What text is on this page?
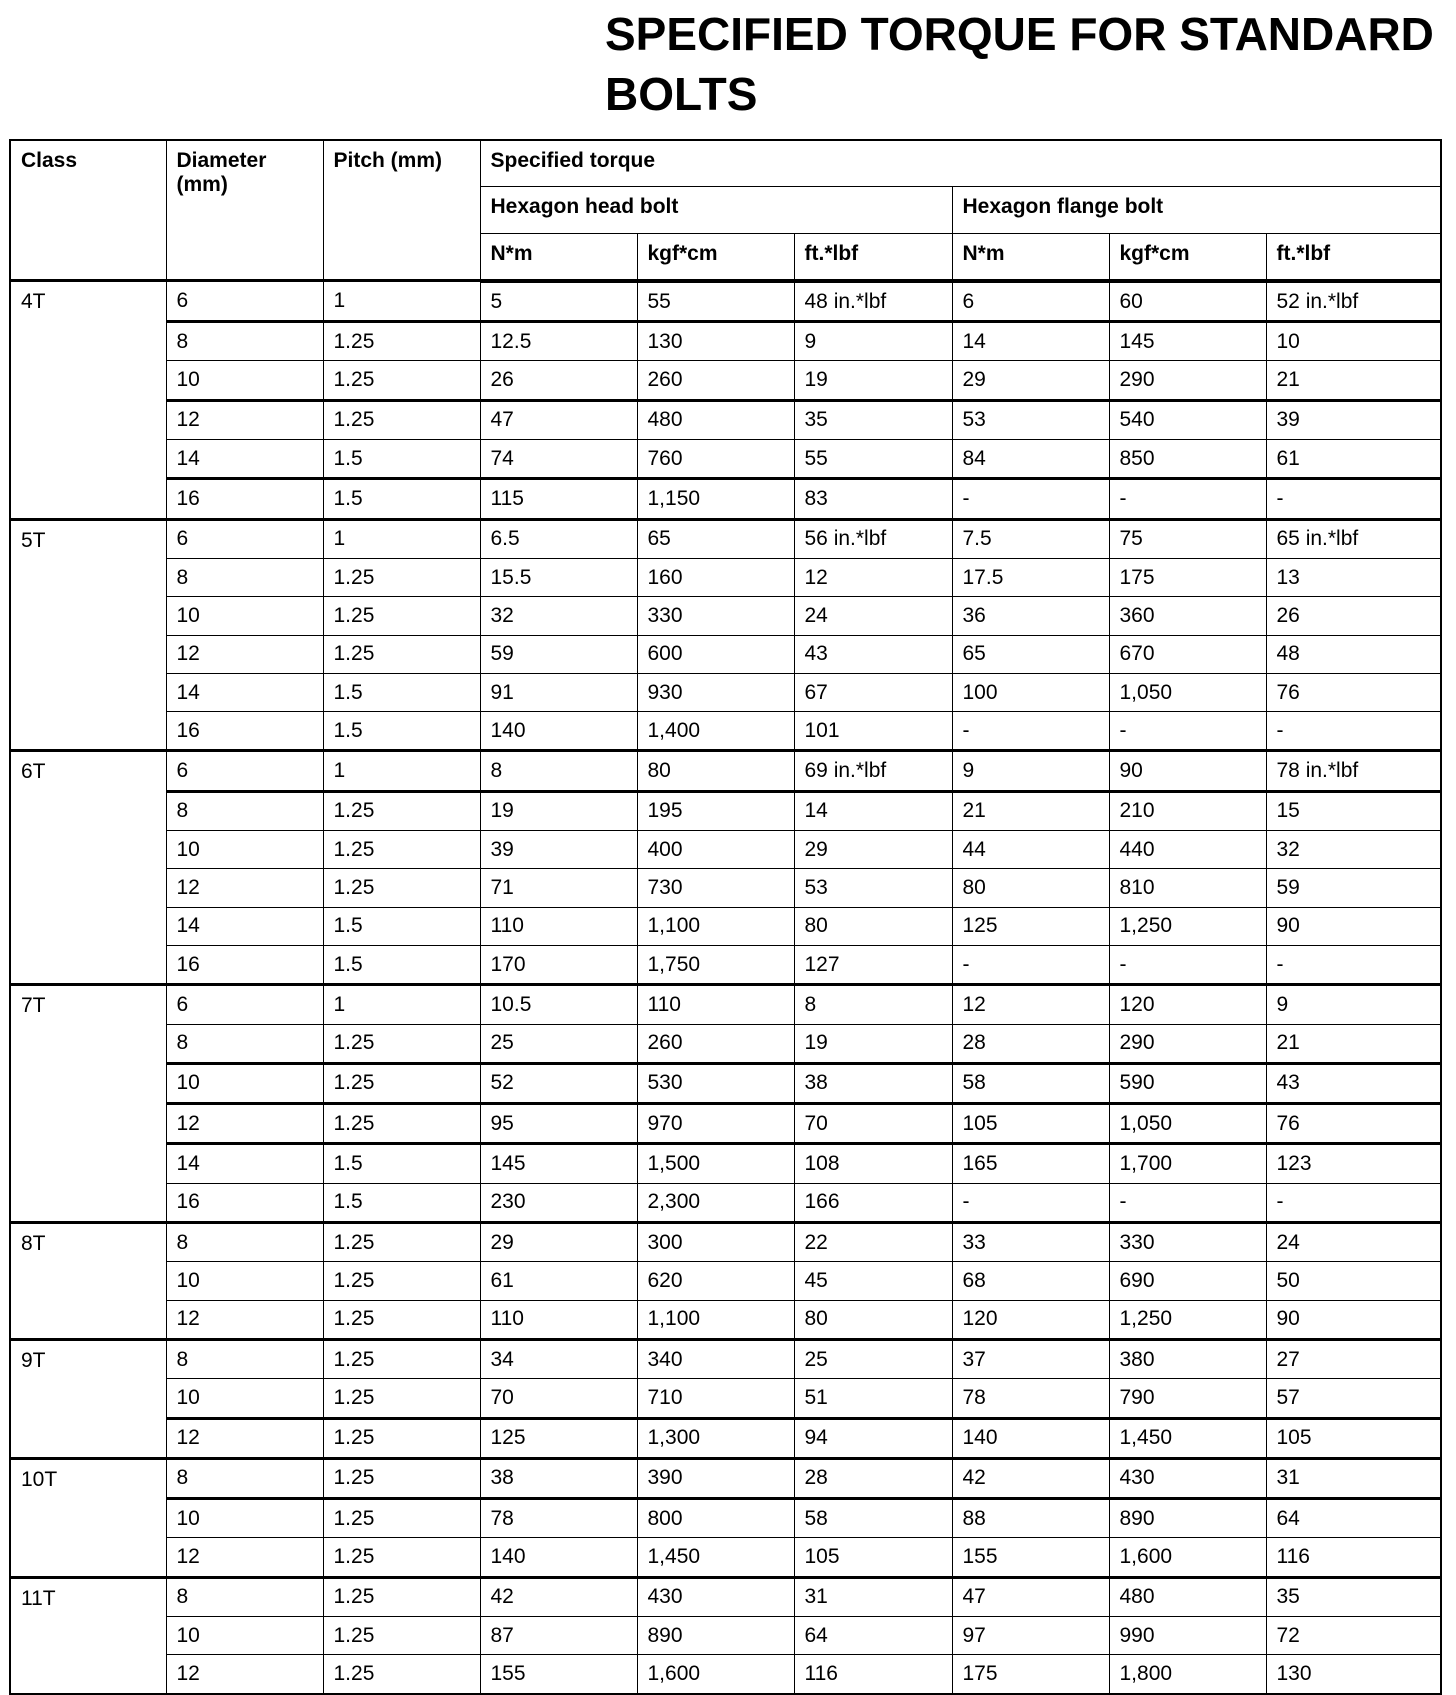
SPECIFIED TORQUE FOR STANDARD BOLTS
Class	Diameter (mm)	Pitch (mm)	Specified torque					
			Hexagon head bolt			Hexagon flange bolt		
			N*m	kgf*cm	ft.*lbf	N*m	kgf*cm	ft.*lbf
4T	6	1	5	55	48 in.*lbf	6	60	52 in.*lbf
	8	1.25	12.5	130	9	14	145	10
	10	1.25	26	260	19	29	290	21
	12	1.25	47	480	35	53	540	39
	14	1.5	74	760	55	84	850	61
	16	1.5	115	1,150	83	-	-	-
5T	6	1	6.5	65	56 in.*lbf	7.5	75	65 in.*lbf
	8	1.25	15.5	160	12	17.5	175	13
	10	1.25	32	330	24	36	360	26
	12	1.25	59	600	43	65	670	48
	14	1.5	91	930	67	100	1,050	76
	16	1.5	140	1,400	101	-	-	-
6T	6	1	8	80	69 in.*lbf	9	90	78 in.*lbf
	8	1.25	19	195	14	21	210	15
	10	1.25	39	400	29	44	440	32
	12	1.25	71	730	53	80	810	59
	14	1.5	110	1,100	80	125	1,250	90
	16	1.5	170	1,750	127	-	-	-
7T	6	1	10.5	110	8	12	120	9
	8	1.25	25	260	19	28	290	21
	10	1.25	52	530	38	58	590	43
	12	1.25	95	970	70	105	1,050	76
	14	1.5	145	1,500	108	165	1,700	123
	16	1.5	230	2,300	166	-	-	-
8T	8	1.25	29	300	22	33	330	24
	10	1.25	61	620	45	68	690	50
	12	1.25	110	1,100	80	120	1,250	90
9T	8	1.25	34	340	25	37	380	27
	10	1.25	70	710	51	78	790	57
	12	1.25	125	1,300	94	140	1,450	105
10T	8	1.25	38	390	28	42	430	31
	10	1.25	78	800	58	88	890	64
	12	1.25	140	1,450	105	155	1,600	116
11T	8	1.25	42	430	31	47	480	35
	10	1.25	87	890	64	97	990	72
	12	1.25	155	1,600	116	175	1,800	130
